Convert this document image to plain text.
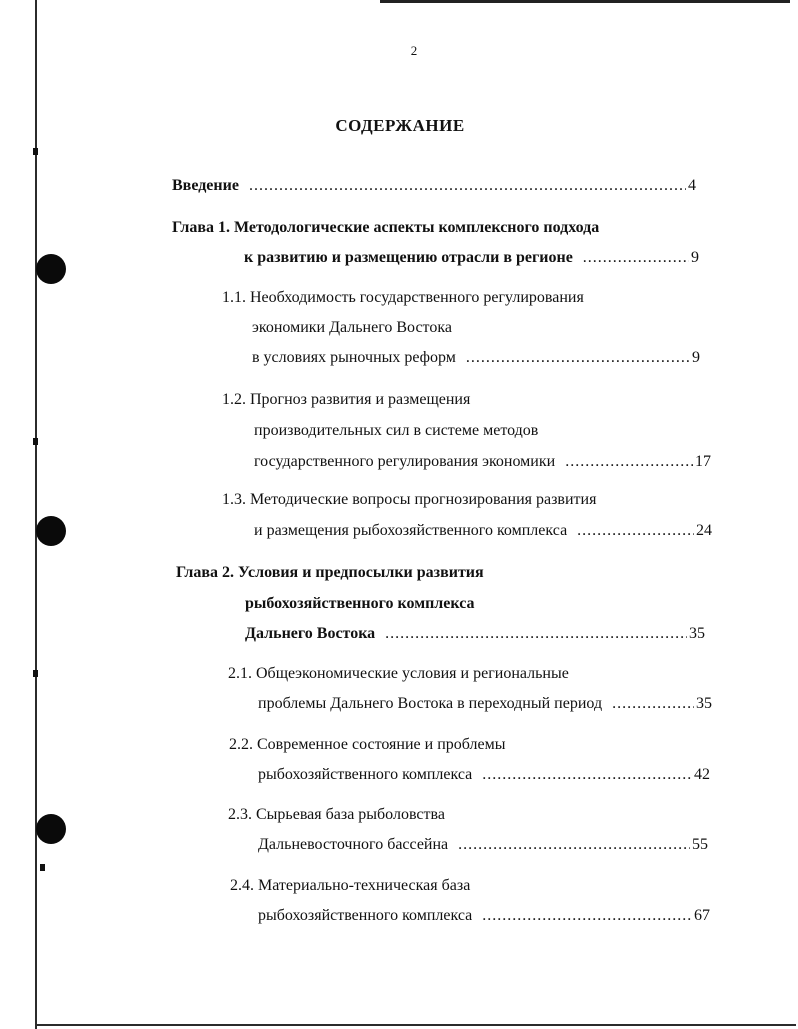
2
СОДЕРЖАНИЕ
Введение . . .	4
Глава 1. Методологические аспекты комплексного подхода
к развитию и размещению отрасли в регионе . . .	9
1.1. Необходимость государственного регулирования
экономики Дальнего Востока
в условиях рыночных реформ . . .	9
1.2. Прогноз развития и размещения
производительных сил в системе методов
государственного регулирования экономики . . .	17
1.3. Методические вопросы прогнозирования развития
и размещения рыбохозяйственного комплекса . . .	24
Глава 2. Условия и предпосылки развития
рыбохозяйственного комплекса
Дальнего Востока . . .	35
2.1. Общеэкономические условия и региональные
проблемы Дальнего Востока в переходный период . . .	35
2.2. Современное состояние и проблемы
рыбохозяйственного комплекса . . .	42
2.3. Сырьевая база рыболовства
Дальневосточного бассейна . . .	55
2.4. Материально-техническая база
рыбохозяйственного комплекса . . .	67
